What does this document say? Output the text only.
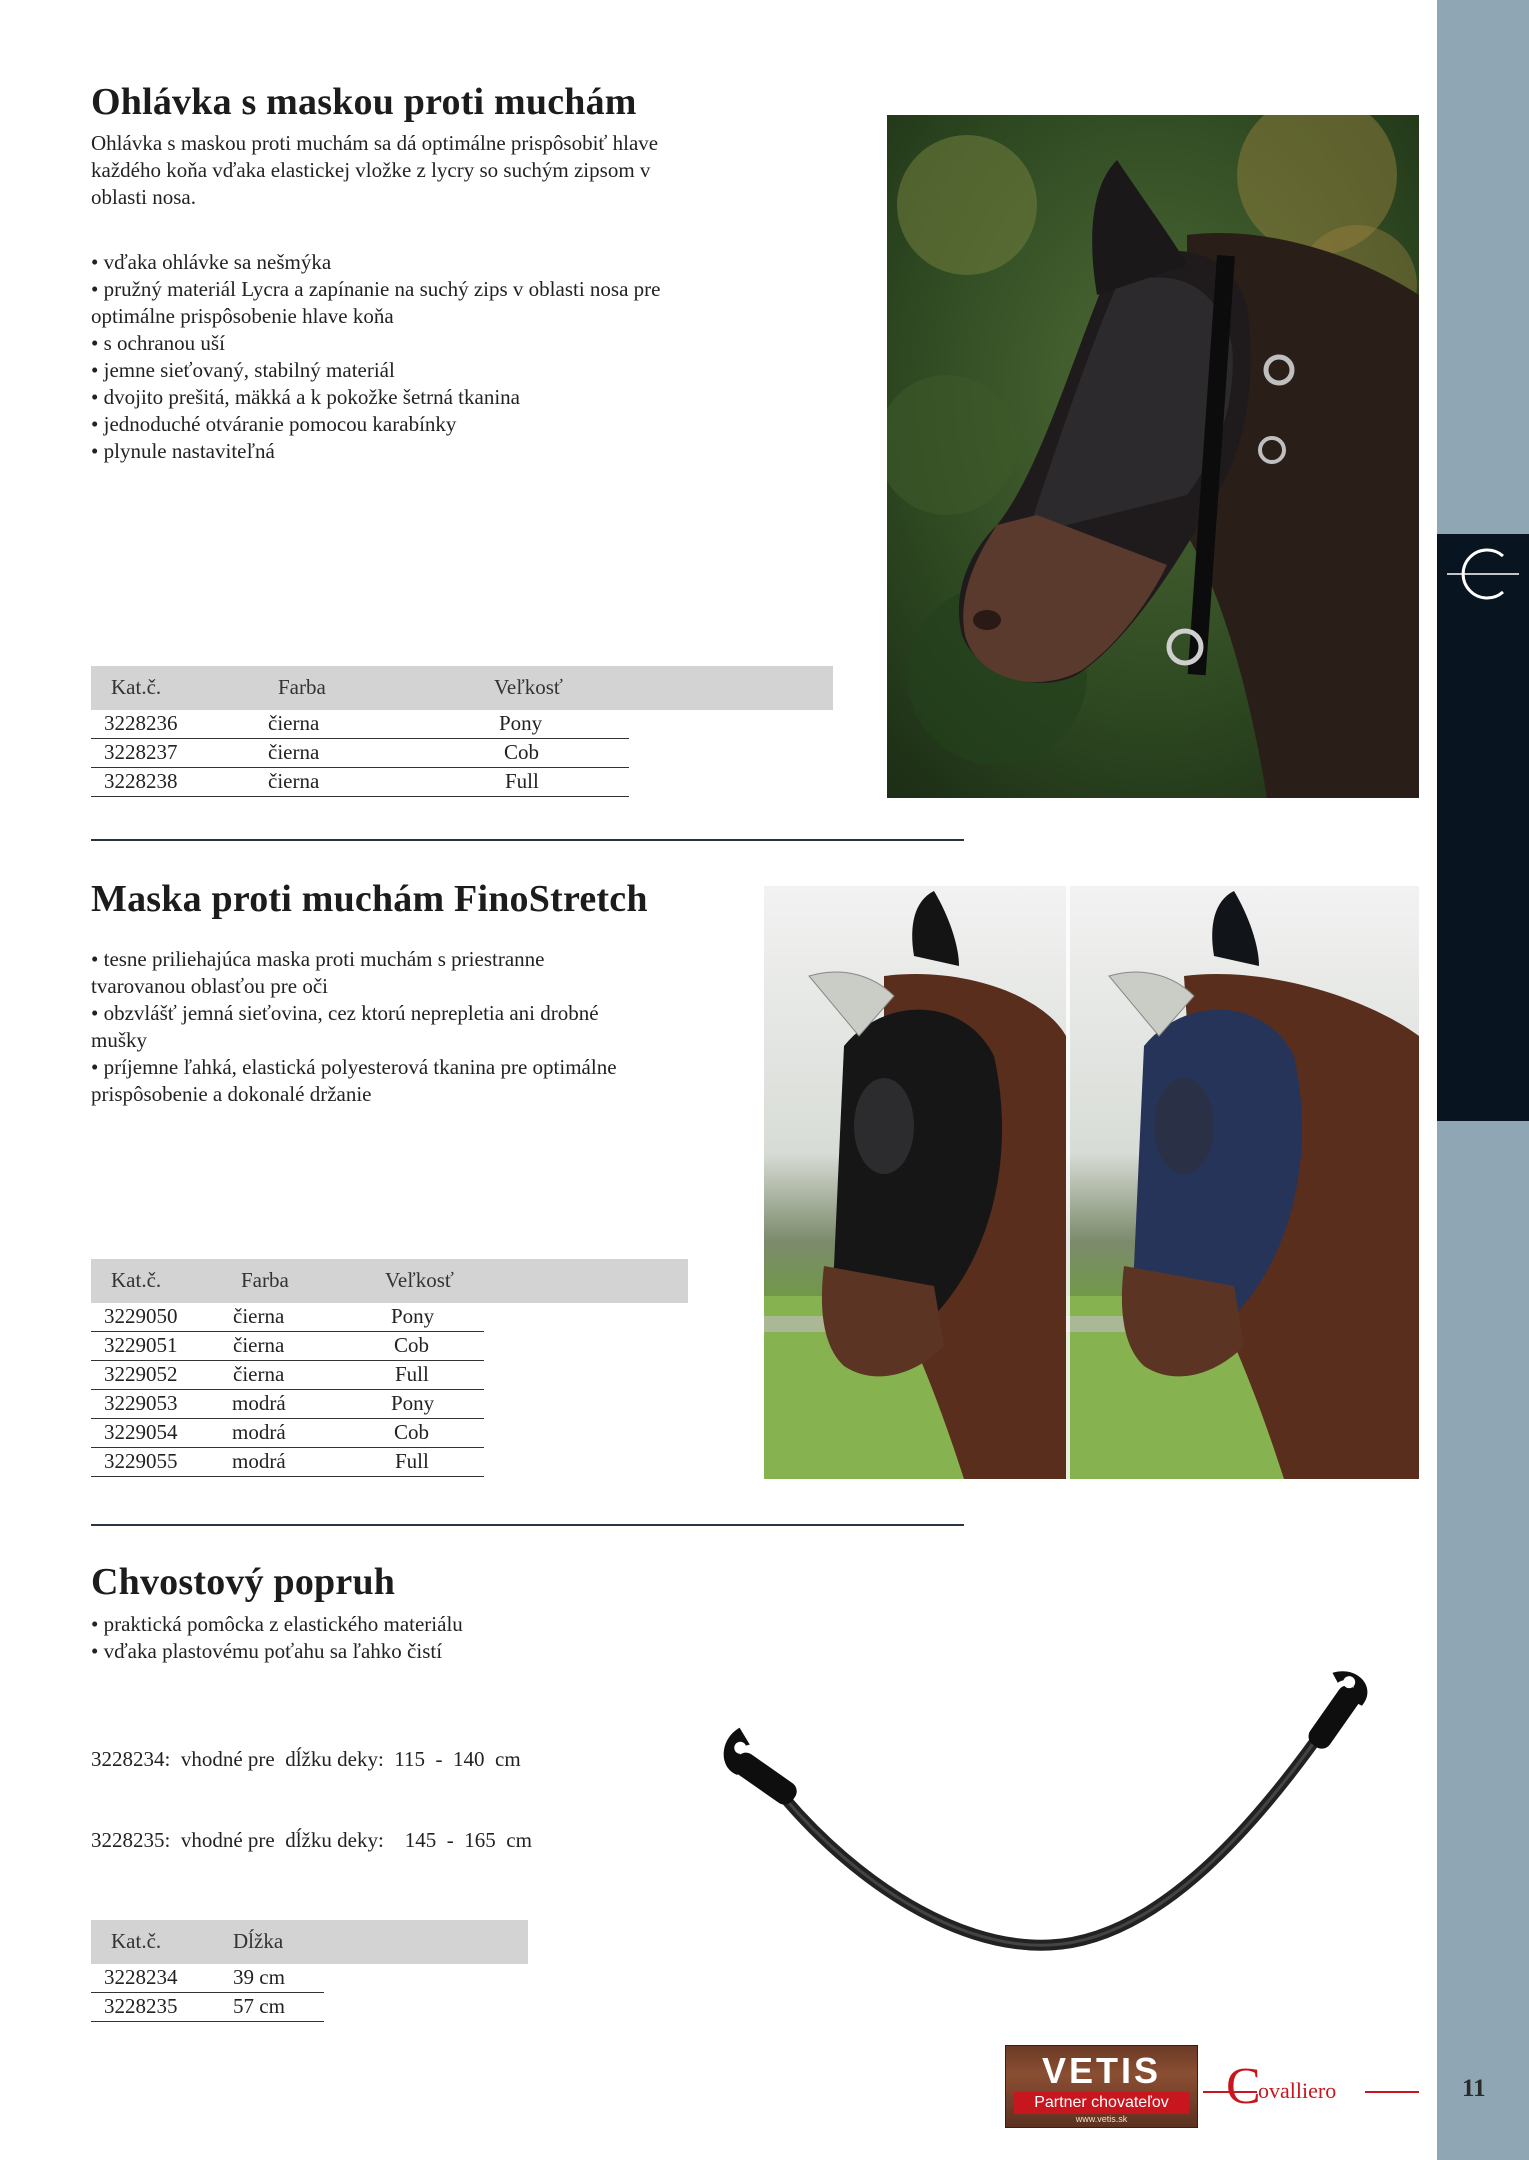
Ohlávka s maskou proti muchám
Ohlávka s maskou proti muchám sa dá optimálne prispôsobiť hlave
každého koňa vďaka elastickej vložke z lycry so suchým zipsom v
oblasti nosa.
• vďaka ohlávke sa nešmýka
• pružný materiál Lycra a zapínanie na suchý zips v oblasti nosa pre
optimálne prispôsobenie hlave koňa
• s ochranou uší
• jemne sieťovaný, stabilný materiál
• dvojito prešitá, mäkká a k pokožke šetrná tkanina
• jednoduché otváranie pomocou karabínky
• plynule nastaviteľná
Kat.č.	Farba	Veľkosť
3228236	čierna	Pony
3228237	čierna	Cob
3228238	čierna	Full
Maska proti muchám FinoStretch
• tesne priliehajúca maska proti muchám s priestranne
tvarovanou oblasťou pre oči
• obzvlášť jemná sieťovina, cez ktorú neprepletia ani drobné
mušky
• príjemne ľahká, elastická polyesterová tkanina pre optimálne
prispôsobenie a dokonalé držanie
Kat.č.	Farba	Veľkosť
3229050	čierna	Pony
3229051	čierna	Cob
3229052	čierna	Full
3229053	modrá	Pony
3229054	modrá	Cob
3229055	modrá	Full
Chvostový popruh
• praktická pomôcka z elastického materiálu
• vďaka plastovému poťahu sa ľahko čistí

3228234:  vhodné pre  dĺžku deky:  115  -  140  cm

3228235:  vhodné pre  dĺžku deky:    145  -  165  cm

Kat.č.	Dĺžka
3228234	39 cm
3228235	57 cm
VETIS
Partner chovateľov
www.vetis.sk
C
ovalliero	11
